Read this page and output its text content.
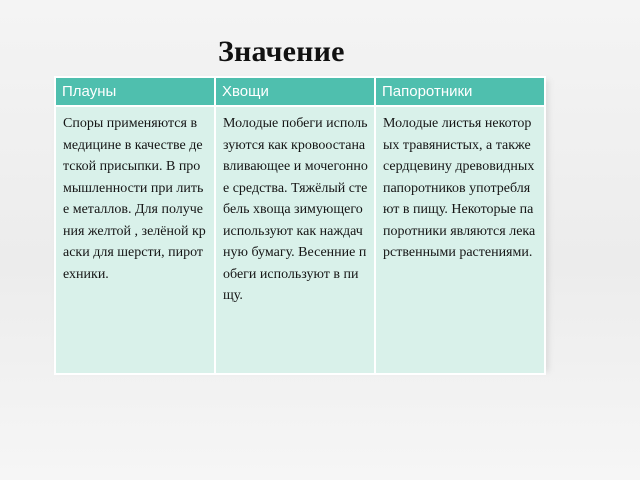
Значение
Плауны	Хвощи	Папоротники
Споры применяются в медицине в качестве детской присыпки. В промышленности при литье металлов. Для получения желтой , зелёной краски для шерсти, пиротехники.	Молодые побеги используются как кровоостанавливающее и мочегонное средства. Тяжёлый стебель хвоща зимующего используют как наждачную бумагу. Весенние побеги используют в пищу.	Молодые листья некоторых травянистых, а также сердцевину древовидных папоротников употребляют в пищу. Некоторые папоротники являются лекарственными растениями.
